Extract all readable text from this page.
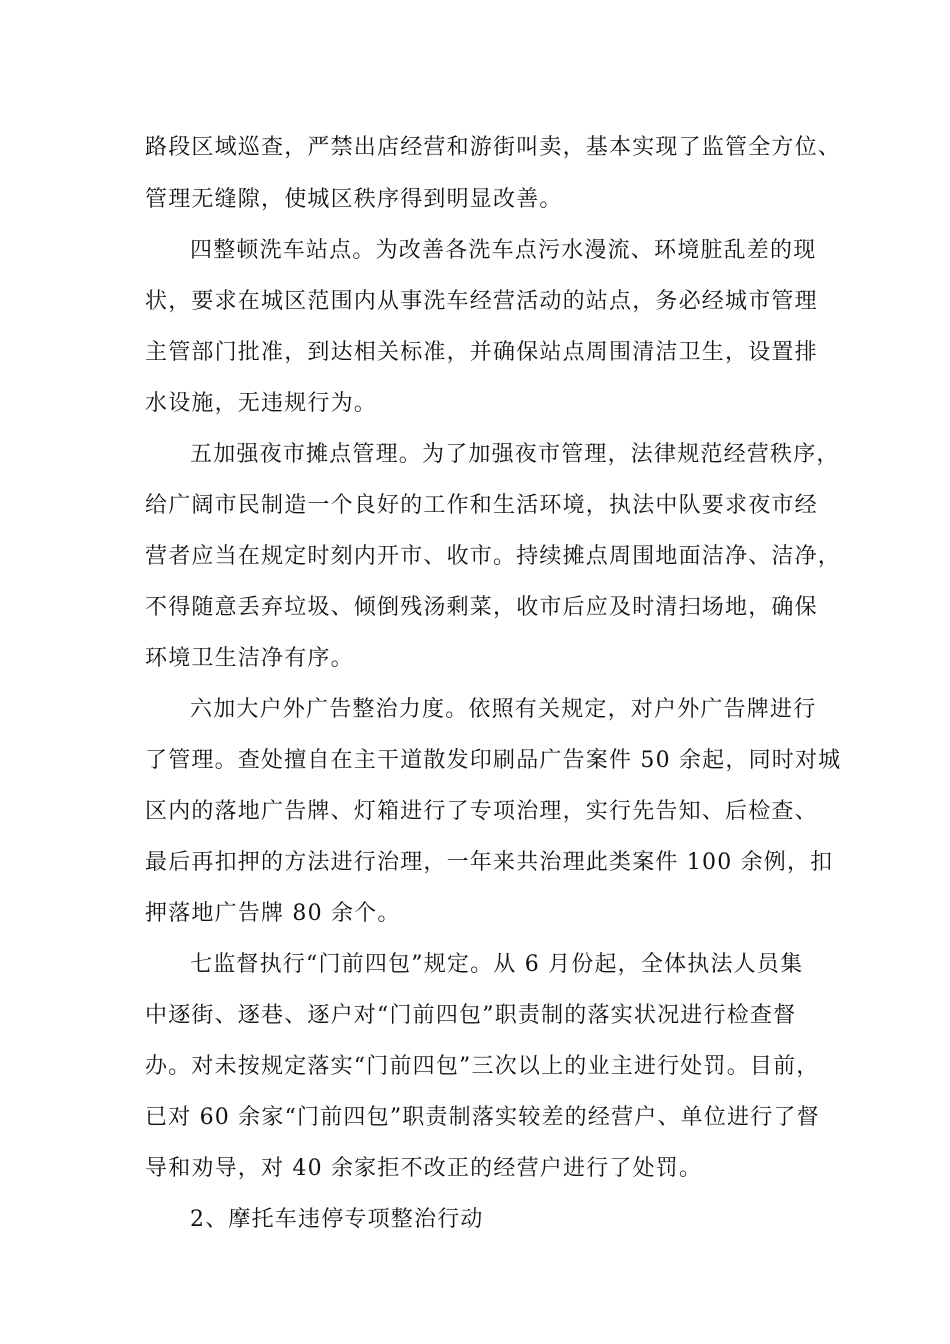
路段区域巡查，严禁出店经营和游街叫卖，基本实现了监管全方位、
管理无缝隙，使城区秩序得到明显改善。
四整顿洗车站点。为改善各洗车点污水漫流、环境脏乱差的现
状，要求在城区范围内从事洗车经营活动的站点，务必经城市管理
主管部门批准，到达相关标准，并确保站点周围清洁卫生，设置排
水设施，无违规行为。
五加强夜市摊点管理。为了加强夜市管理，法律规范经营秩序，
给广阔市民制造一个良好的工作和生活环境，执法中队要求夜市经
营者应当在规定时刻内开市、收市。持续摊点周围地面洁净、洁净，
不得随意丢弃垃圾、倾倒残汤剩菜，收市后应及时清扫场地，确保
环境卫生洁净有序。
六加大户外广告整治力度。依照有关规定，对户外广告牌进行
了管理。查处擅自在主干道散发印刷品广告案件 50 余起，同时对城
区内的落地广告牌、灯箱进行了专项治理，实行先告知、后检查、
最后再扣押的方法进行治理，一年来共治理此类案件 100 余例，扣
押落地广告牌 80 余个。
七监督执行“门前四包”规定。从 6 月份起，全体执法人员集
中逐街、逐巷、逐户对“门前四包”职责制的落实状况进行检查督
办。对未按规定落实“门前四包”三次以上的业主进行处罚。目前，
已对 60 余家“门前四包”职责制落实较差的经营户、单位进行了督
导和劝导，对 40 余家拒不改正的经营户进行了处罚。
2、摩托车违停专项整治行动
